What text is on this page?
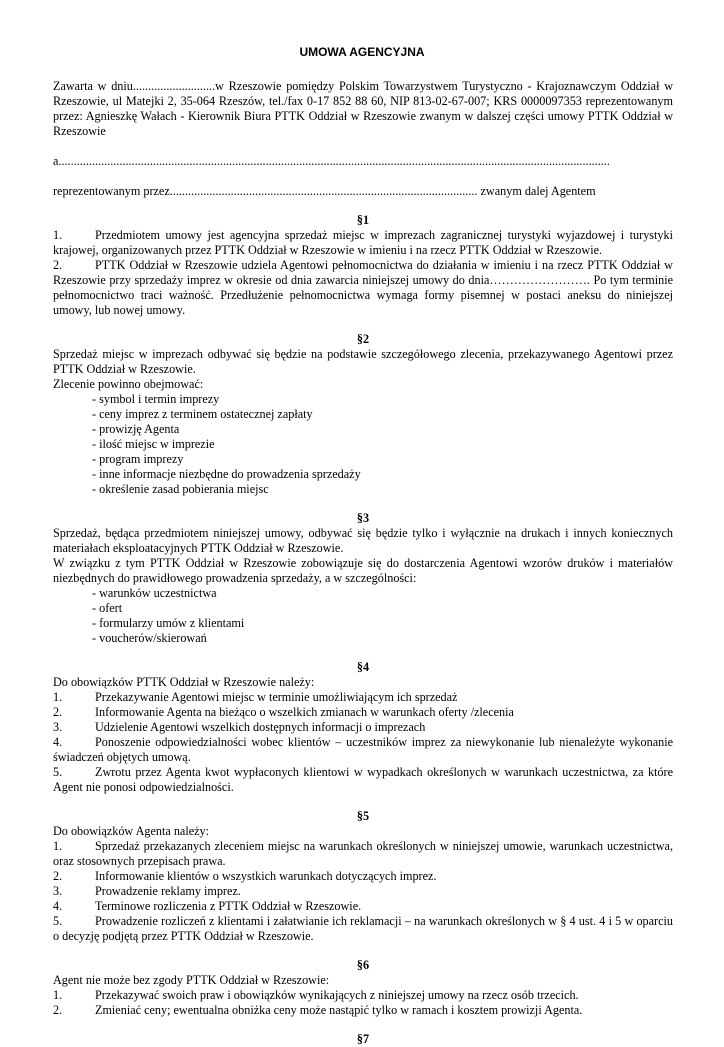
UMOWA AGENCYJNA

Zawarta w dniu...........................w Rzeszowie pomiędzy Polskim Towarzystwem Turystyczno - Krajoznawczym Oddział w Rzeszowie, ul Matejki 2, 35-064 Rzeszów, tel./fax 0-17 852 88 60, NIP 813-02-67-007; KRS 0000097353 reprezentowanym przez: Agnieszkę Wałach - Kierownik Biura PTTK Oddział w Rzeszowie zwanym w dalszej części umowy PTTK Oddział w Rzeszowie

a.....................................................................................................................................................................................

reprezentowanym przez..................................................................................................... zwanym dalej Agentem

§1
1.	Przedmiotem umowy jest agencyjna sprzedaż miejsc w imprezach zagranicznej turystyki wyjazdowej i turystyki krajowej, organizowanych przez PTTK Oddział w Rzeszowie w imieniu i na rzecz PTTK Oddział w Rzeszowie.
2.	PTTK Oddział w Rzeszowie udziela Agentowi pełnomocnictwa do działania w imieniu i na rzecz PTTK Oddział w Rzeszowie przy sprzedaży imprez w okresie od dnia zawarcia niniejszej umowy do dnia……………………. Po tym terminie pełnomocnictwo traci ważność. Przedłużenie pełnomocnictwa wymaga formy pisemnej w postaci aneksu do niniejszej umowy, lub nowej umowy.
§2

Sprzedaż miejsc w imprezach odbywać się będzie na podstawie szczegółowego zlecenia, przekazywanego Agentowi przez PTTK Oddział w Rzeszowie.

Zlecenie powinno obejmować:

- symbol i termin imprezy
- ceny imprez z terminem ostatecznej zapłaty
- prowizję Agenta
- ilość miejsc w imprezie
- program imprezy
- inne informacje niezbędne do prowadzenia sprzedaży
- określenie zasad pobierania miejsc
§3

Sprzedaż, będąca przedmiotem niniejszej umowy, odbywać się będzie tylko i wyłącznie na drukach i innych koniecznych materiałach eksploatacyjnych PTTK Oddział w Rzeszowie.

W związku z tym PTTK Oddział w Rzeszowie zobowiązuje się do dostarczenia Agentowi wzorów druków i materiałów niezbędnych do prawidłowego prowadzenia sprzedaży, a w szczególności:

- warunków uczestnictwa
- ofert
- formularzy umów z klientami
- voucherów/skierowań
§4

Do obowiązków PTTK Oddział w Rzeszowie należy:

1.	Przekazywanie Agentowi miejsc w terminie umożliwiającym ich sprzedaż
2.	Informowanie Agenta na bieżąco o wszelkich zmianach w warunkach oferty /zlecenia
3.	Udzielenie Agentowi wszelkich dostępnych informacji o imprezach
4.	Ponoszenie odpowiedzialności wobec klientów – uczestników imprez za niewykonanie lub nienależyte wykonanie świadczeń objętych umową.
5.	Zwrotu przez Agenta kwot wypłaconych klientowi w wypadkach określonych w warunkach uczestnictwa, za które Agent nie ponosi odpowiedzialności.
§5

Do obowiązków Agenta należy:

1.	Sprzedaż przekazanych zleceniem miejsc na warunkach określonych w niniejszej umowie, warunkach uczestnictwa, oraz stosownych przepisach prawa.
2.	Informowanie klientów o wszystkich warunkach dotyczących imprez.
3.	Prowadzenie reklamy imprez.
4.	Terminowe rozliczenia z PTTK Oddział w Rzeszowie.
5.	Prowadzenie rozliczeń z klientami i załatwianie ich reklamacji – na warunkach określonych w § 4 ust. 4 i 5 w oparciu o decyzję podjętą przez PTTK Oddział w Rzeszowie.
§6

Agent nie może bez zgody PTTK Oddział w Rzeszowie:

1.	Przekazywać swoich praw i obowiązków wynikających z niniejszej umowy na rzecz osób trzecich.
2.	Zmieniać ceny; ewentualna obniżka ceny może nastąpić tylko w ramach i kosztem prowizji Agenta.
§7
